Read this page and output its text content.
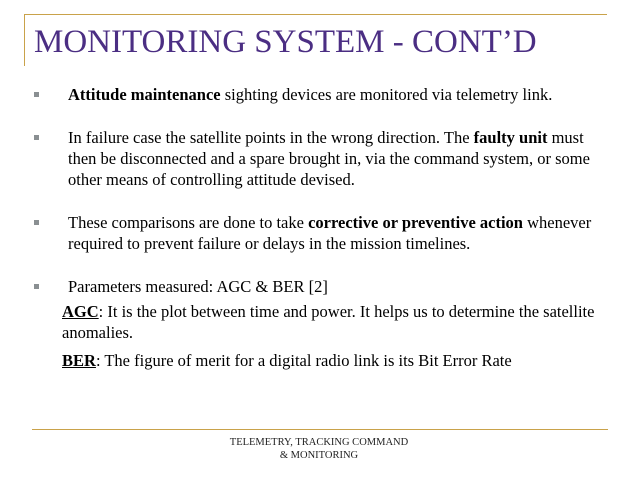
MONITORING SYSTEM - CONT’D
Attitude maintenance sighting devices are monitored via telemetry link.
In failure case the satellite points in the wrong direction. The faulty unit must then be disconnected and a spare brought in, via the command system, or some other means of controlling attitude devised.
These comparisons are done to take corrective or preventive action whenever required to prevent failure or delays in the mission timelines.
Parameters measured: AGC & BER [2]
AGC: It is the plot between time and power. It helps us to determine the satellite anomalies.
BER: The figure of merit for a digital radio link is its Bit Error Rate
TELEMETRY, TRACKING COMMAND
& MONITORING
